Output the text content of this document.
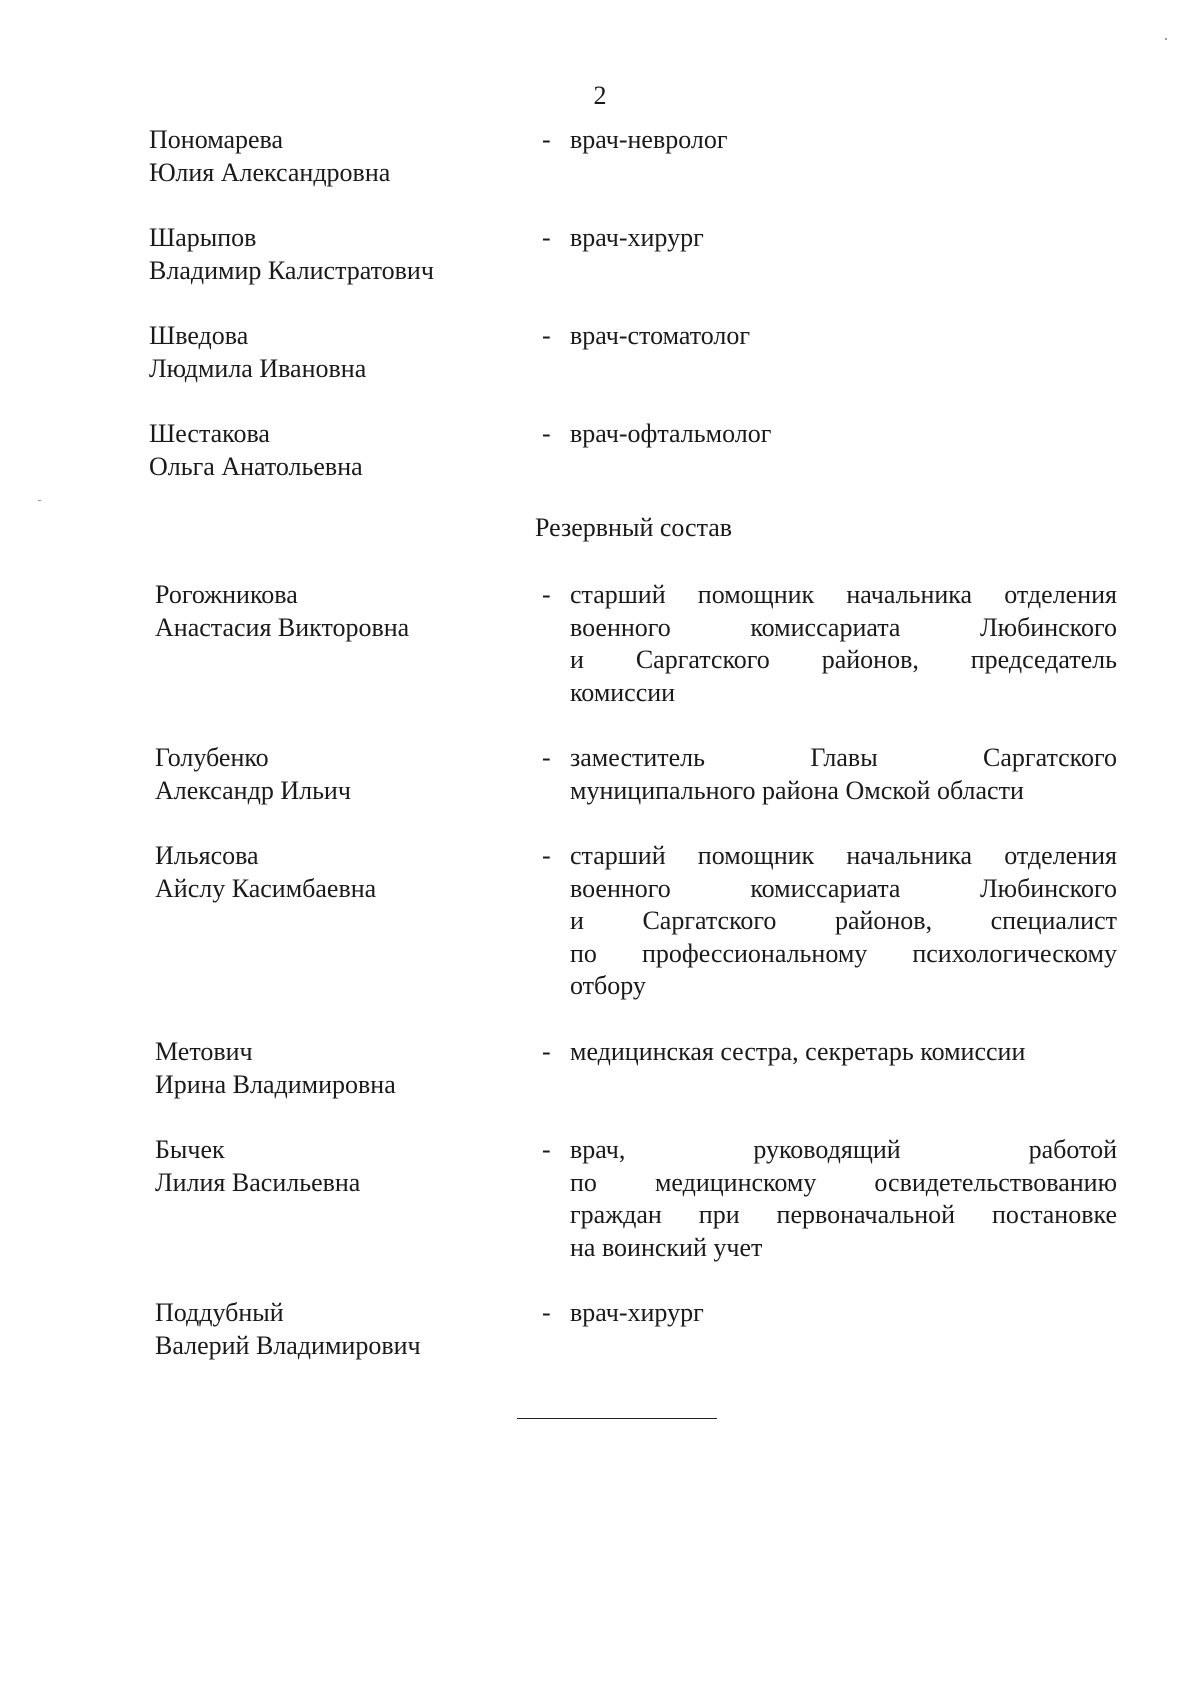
2
Пономарева
Юлия Александровна
- врач-невролог
Шарыпов
Владимир Калистратович
- врач-хирург
Шведова
Людмила Ивановна
- врач-стоматолог
Шестакова
Ольга Анатольевна
- врач-офтальмолог
Резервный состав
Рогожникова
Анастасия Викторовна
- старший помощник начальника отделения
военного комиссариата Любинского
и Саргатского районов, председатель
комиссии
Голубенко
Александр Ильич
- заместитель Главы Саргатского
муниципального района Омской области
Ильясова
Айслу Касимбаевна
- старший помощник начальника отделения
военного комиссариата Любинского
и Саргатского районов, специалист
по профессиональному психологическому
отбору
Метович
Ирина Владимировна
- медицинская сестра, секретарь комиссии
Бычек
Лилия Васильевна
- врач, руководящий работой
по медицинскому освидетельствованию
граждан при первоначальной постановке
на воинский учет
Поддубный
Валерий Владимирович
- врач-хирург
